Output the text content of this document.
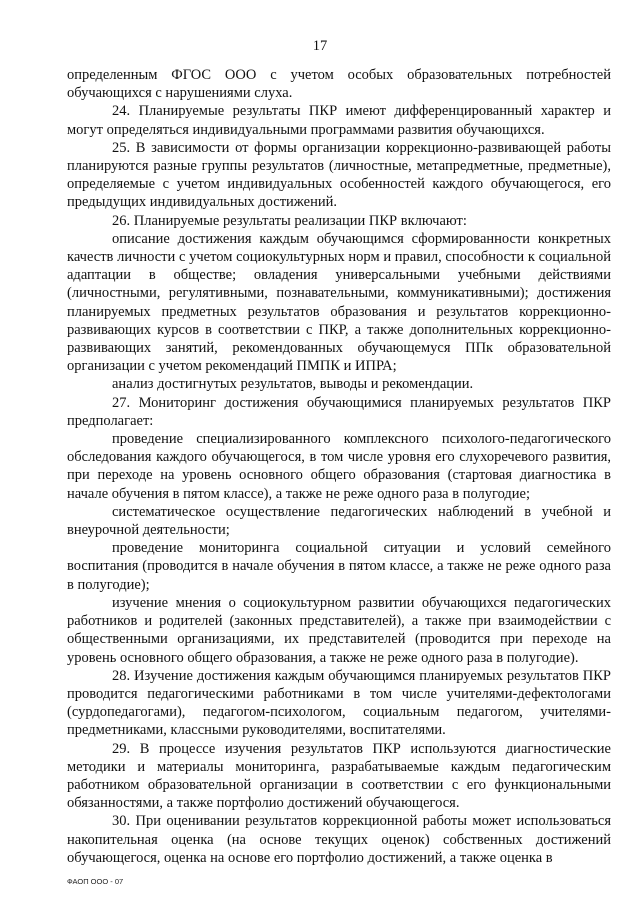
17

определенным ФГОС ООО с учетом особых образовательных потребностей обучающихся с нарушениями слуха.

24. Планируемые результаты ПКР имеют дифференцированный характер и могут определяться индивидуальными программами развития обучающихся.

25. В зависимости от формы организации коррекционно-развивающей работы планируются разные группы результатов (личностные, метапредметные, предметные), определяемые с учетом индивидуальных особенностей каждого обучающегося, его предыдущих индивидуальных достижений.

26. Планируемые результаты реализации ПКР включают:

описание достижения каждым обучающимся сформированности конкретных качеств личности с учетом социокультурных норм и правил, способности к социальной адаптации в обществе; овладения универсальными учебными действиями (личностными, регулятивными, познавательными, коммуникативными); достижения планируемых предметных результатов образования и результатов коррекционно-развивающих курсов в соответствии с ПКР, а также дополнительных коррекционно-развивающих занятий, рекомендованных обучающемуся ППк образовательной организации с учетом рекомендаций ПМПК и ИПРА;

анализ достигнутых результатов, выводы и рекомендации.

27. Мониторинг достижения обучающимися планируемых результатов ПКР предполагает:

проведение специализированного комплексного психолого-педагогического обследования каждого обучающегося, в том числе уровня его слухоречевого развития, при переходе на уровень основного общего образования (стартовая диагностика в начале обучения в пятом классе), а также не реже одного раза в полугодие;

систематическое осуществление педагогических наблюдений в учебной и внеурочной деятельности;

проведение мониторинга социальной ситуации и условий семейного воспитания (проводится в начале обучения в пятом классе, а также не реже одного раза в полугодие);

изучение мнения о социокультурном развитии обучающихся педагогических работников и родителей (законных представителей), а также при взаимодействии с общественными организациями, их представителей (проводится при переходе на уровень основного общего образования, а также не реже одного раза в полугодие).

28. Изучение достижения каждым обучающимся планируемых результатов ПКР проводится педагогическими работниками в том числе учителями-дефектологами (сурдопедагогами), педагогом-психологом, социальным педагогом, учителями-предметниками, классными руководителями, воспитателями.

29. В процессе изучения результатов ПКР используются диагностические методики и материалы мониторинга, разрабатываемые каждым педагогическим работником образовательной организации в соответствии с его функциональными обязанностями, а также портфолио достижений обучающегося.

30. При оценивании результатов коррекционной работы может использоваться накопительная оценка (на основе текущих оценок) собственных достижений обучающегося, оценка на основе его портфолио достижений, а также оценка в

ФАОП ООО - 07
